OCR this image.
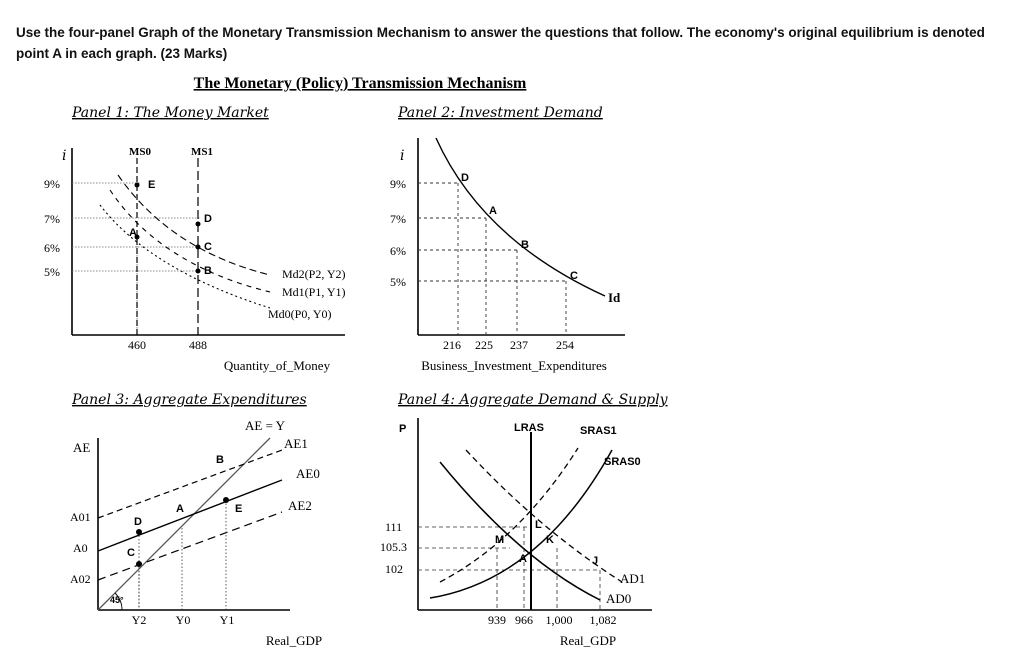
Use the four-panel Graph of the Monetary Transmission Mechanism to answer the questions that follow. The economy's original equilibrium is denoted point A in each graph. (23 Marks)
The Monetary (Policy) Transmission Mechanism
Panel 1: The Money Market
i
9%
7%
6%
5%
MS0	MS1
Md2(P2, Y2)
Md1(P1, Y1)
Md0(P0, Y0)
E
A
D
C
B
460	488
Quantity_of_Money
Panel 2: Investment Demand
i
9%
7%
6%
5%
Id
D
A
B
C
216 225 237 254
Business_Investment_Expenditures
Panel 3: Aggregate Expenditures
AE
A01
A0
A02
AE = Y
AE1
AE0
AE2
45°
B
A	E
D
C
Y2 Y0 Y1
Real_GDP
Panel 4: Aggregate Demand & Supply
P
111
105.3
102
LRAS	SRAS1
SRAS0
AD1
AD0
L
M	K
A	J
939 966 1,000 1,082
Real_GDP
